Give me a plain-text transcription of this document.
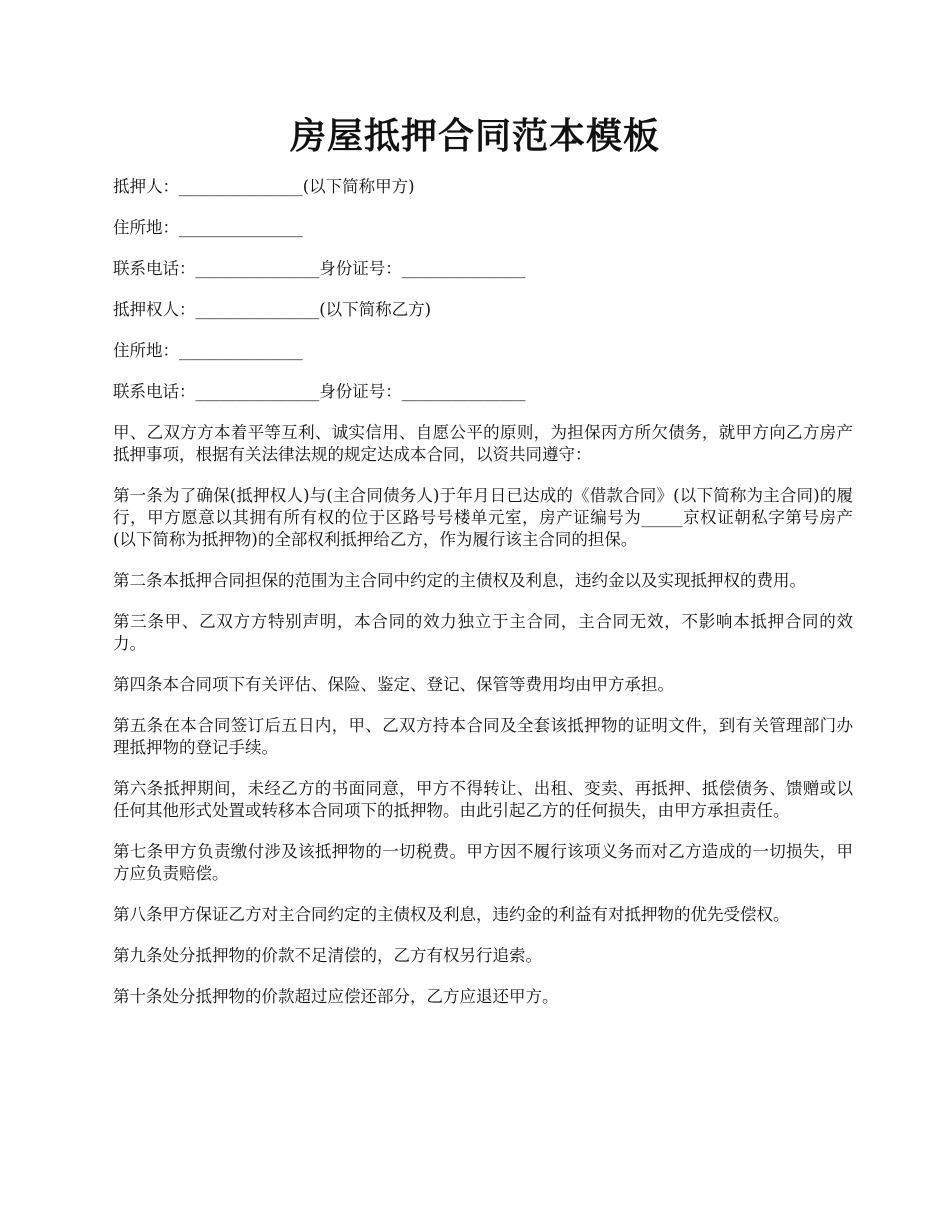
房屋抵押合同范本模板
抵押人：_______________(以下简称甲方)
住所地：_______________
联系电话：_______________身份证号：_______________
抵押权人：_______________(以下简称乙方)
住所地：_______________
联系电话：_______________身份证号：_______________
甲、乙双方方本着平等互利、诚实信用、自愿公平的原则，为担保丙方所欠债务，就甲方向乙方房产抵押事项，根据有关法律法规的规定达成本合同，以资共同遵守：
第一条为了确保(抵押权人)与(主合同债务人)于年月日已达成的《借款合同》(以下简称为主合同)的履行，甲方愿意以其拥有所有权的位于区路号号楼单元室，房产证编号为_____京权证朝私字第号房产(以下简称为抵押物)的全部权利抵押给乙方，作为履行该主合同的担保。
第二条本抵押合同担保的范围为主合同中约定的主债权及利息，违约金以及实现抵押权的费用。
第三条甲、乙双方方特别声明，本合同的效力独立于主合同，主合同无效，不影响本抵押合同的效力。
第四条本合同项下有关评估、保险、鉴定、登记、保管等费用均由甲方承担。
第五条在本合同签订后五日内，甲、乙双方持本合同及全套该抵押物的证明文件，到有关管理部门办理抵押物的登记手续。
第六条抵押期间，未经乙方的书面同意，甲方不得转让、出租、变卖、再抵押、抵偿债务、馈赠或以任何其他形式处置或转移本合同项下的抵押物。由此引起乙方的任何损失，由甲方承担责任。
第七条甲方负责缴付涉及该抵押物的一切税费。甲方因不履行该项义务而对乙方造成的一切损失，甲方应负责赔偿。
第八条甲方保证乙方对主合同约定的主债权及利息，违约金的利益有对抵押物的优先受偿权。
第九条处分抵押物的价款不足清偿的，乙方有权另行追索。
第十条处分抵押物的价款超过应偿还部分，乙方应退还甲方。
